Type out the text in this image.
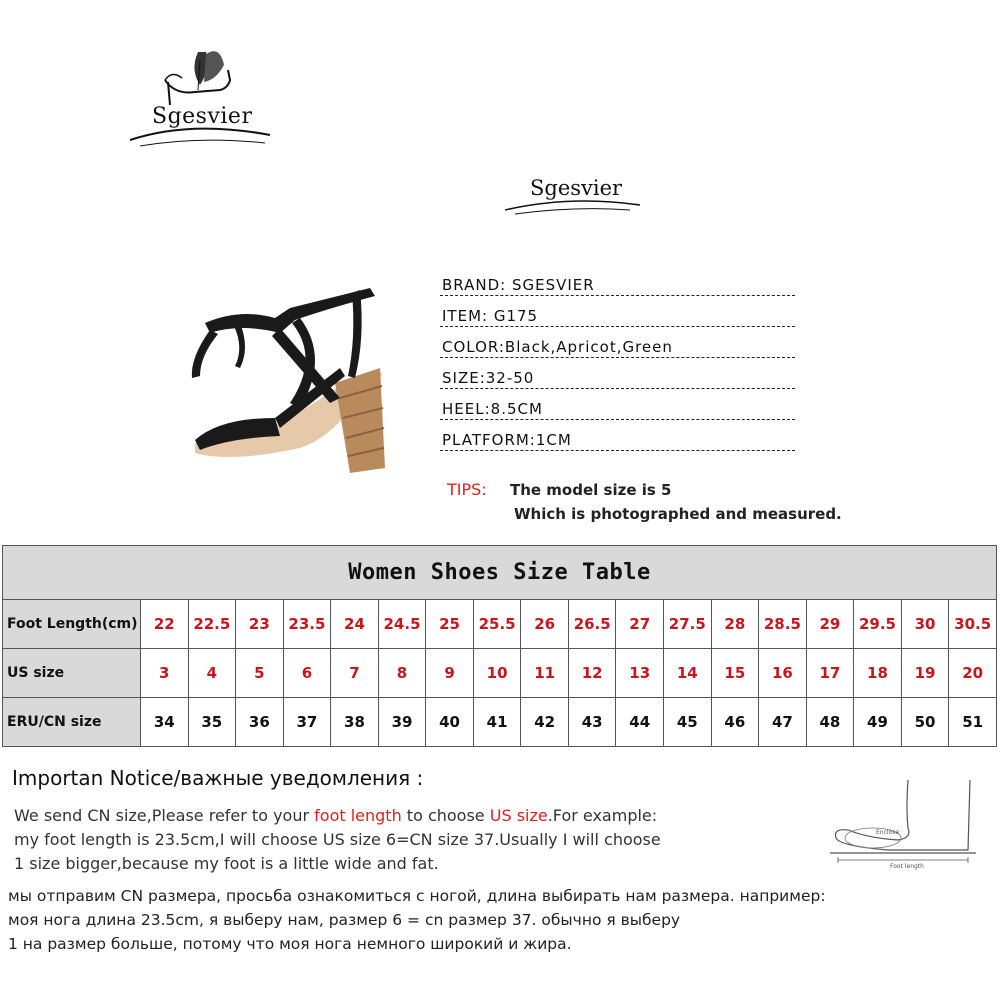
Sgesvier
Sgesvier
BRAND: SGESVIER
ITEM: G175
COLOR:Black,Apricot,Green
SIZE:32-50
HEEL:8.5CM
PLATFORM:1CM
TIPS: The model size is 5
Which is photographed and measured.
Women Shoes Size Table																		
Foot Length(cm)	22	22.5	23	23.5	24	24.5	25	25.5	26	26.5	27	27.5	28	28.5	29	29.5	30	30.5
US size	3	4	5	6	7	8	9	10	11	12	13	14	15	16	17	18	19	20
ERU/CN size	34	35	36	37	38	39	40	41	42	43	44	45	46	47	48	49	50	51
Importan Notice/важные уведомления :
We send CN size,Please refer to your foot length to choose US size.For example:
my foot length is 23.5cm,I will choose US size 6=CN size 37.Usually I will choose
1 size bigger,because my foot is a little wide and fat.
мы отправим CN размера, просьба ознакомиться с ногой, длина выбирать нам размера. например:
моя нога длина 23.5cm, я выберу нам, размер 6 = cn размер 37. обычно я выберу
1 на размер больше, потому что моя нога немного широкий и жира.
Enclose
Foot length
